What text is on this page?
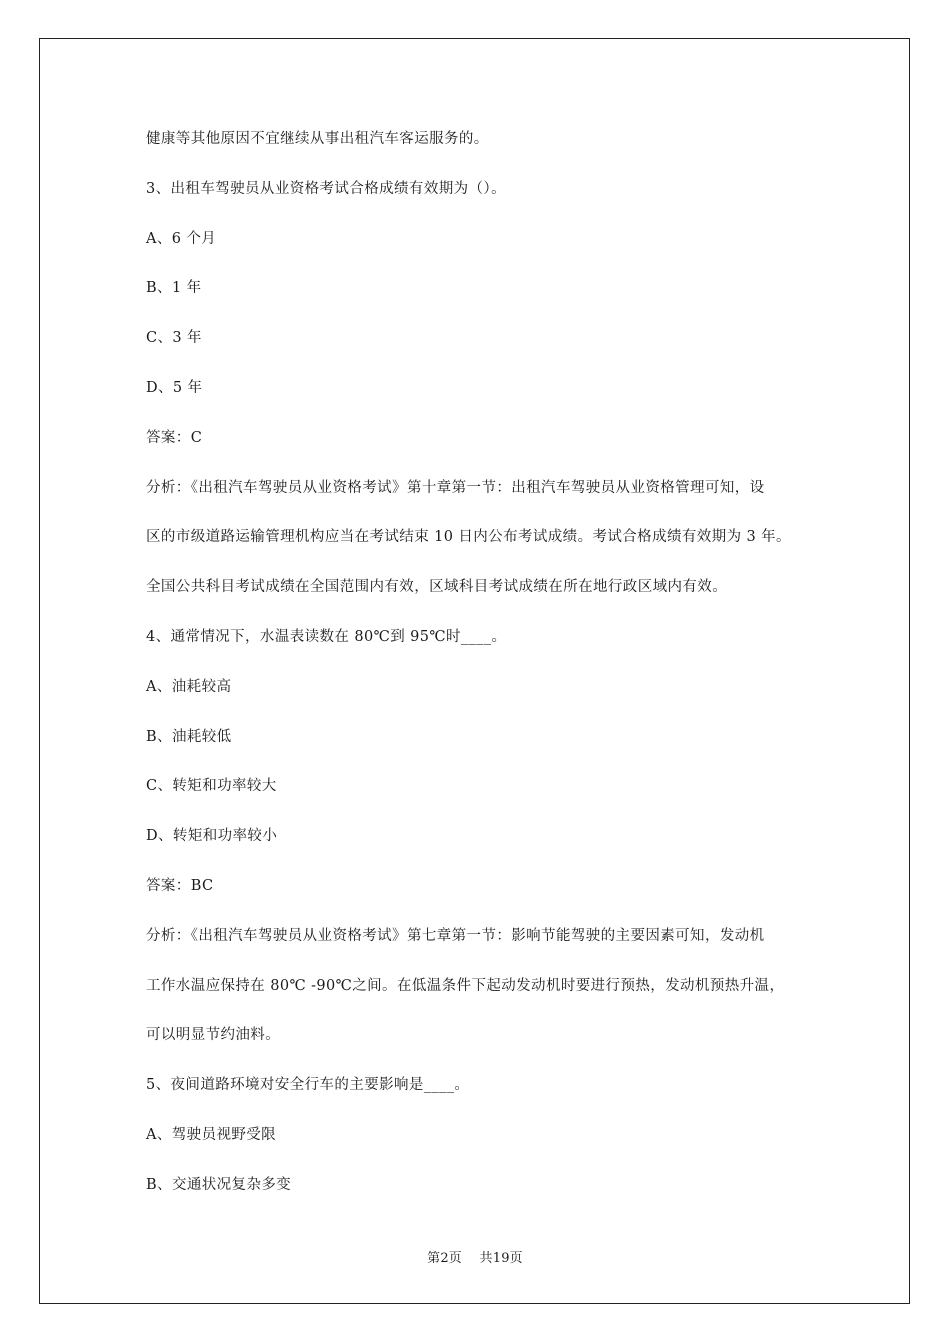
健康等其他原因不宜继续从事出租汽车客运服务的。
3、出租车驾驶员从业资格考试合格成绩有效期为（）。
A、6 个月
B、1 年
C、3 年
D、5 年
答案：C
分析：《出租汽车驾驶员从业资格考试》第十章第一节：出租汽车驾驶员从业资格管理可知，设
区的市级道路运输管理机构应当在考试结束 10 日内公布考试成绩。考试合格成绩有效期为 3 年。
全国公共科目考试成绩在全国范围内有效，区域科目考试成绩在所在地行政区域内有效。
4、通常情况下，水温表读数在 80℃到 95℃时____。
A、油耗较高
B、油耗较低
C、转矩和功率较大
D、转矩和功率较小
答案：BC
分析：《出租汽车驾驶员从业资格考试》第七章第一节：影响节能驾驶的主要因素可知，发动机
工作水温应保持在 80℃ -90℃之间。在低温条件下起动发动机时要进行预热，发动机预热升温，
可以明显节约油料。
5、夜间道路环境对安全行车的主要影响是____。
A、驾驶员视野受限
B、交通状况复杂多变
第2页　 共19页
